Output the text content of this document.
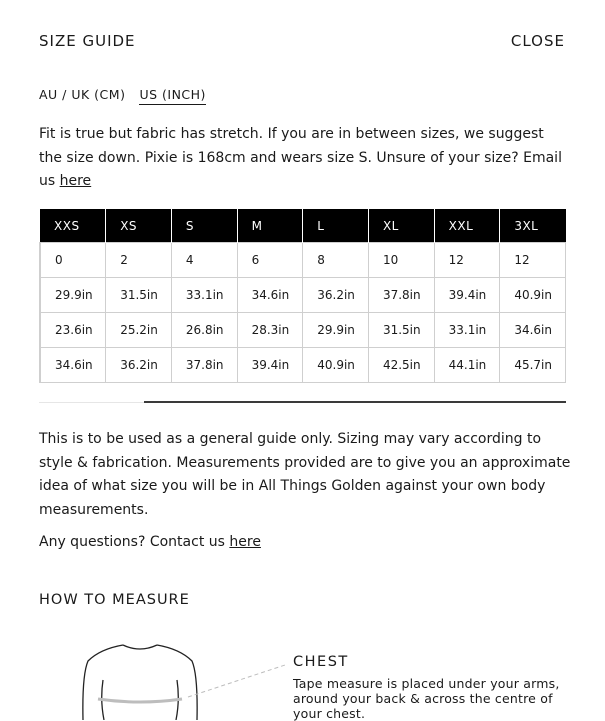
SIZE GUIDE	CLOSE
AU / UK (CM) US (INCH)
Fit is true but fabric has stretch. If you are in between sizes, we suggest the size down. Pixie is 168cm and wears size S. Unsure of your size? Email us here
XXS	XS	S	M	L	XL	XXL	3XL
0	2	4	6	8	10	12	12
29.9in	31.5in	33.1in	34.6in	36.2in	37.8in	39.4in	40.9in
23.6in	25.2in	26.8in	28.3in	29.9in	31.5in	33.1in	34.6in
34.6in	36.2in	37.8in	39.4in	40.9in	42.5in	44.1in	45.7in
This is to be used as a general guide only. Sizing may vary according to style & fabrication. Measurements provided are to give you an approximate idea of what size you will be in All Things Golden against your own body measurements.
Any questions? Contact us here
HOW TO MEASURE
CHEST
Tape measure is placed under your arms, around your back & across the centre of your chest.
